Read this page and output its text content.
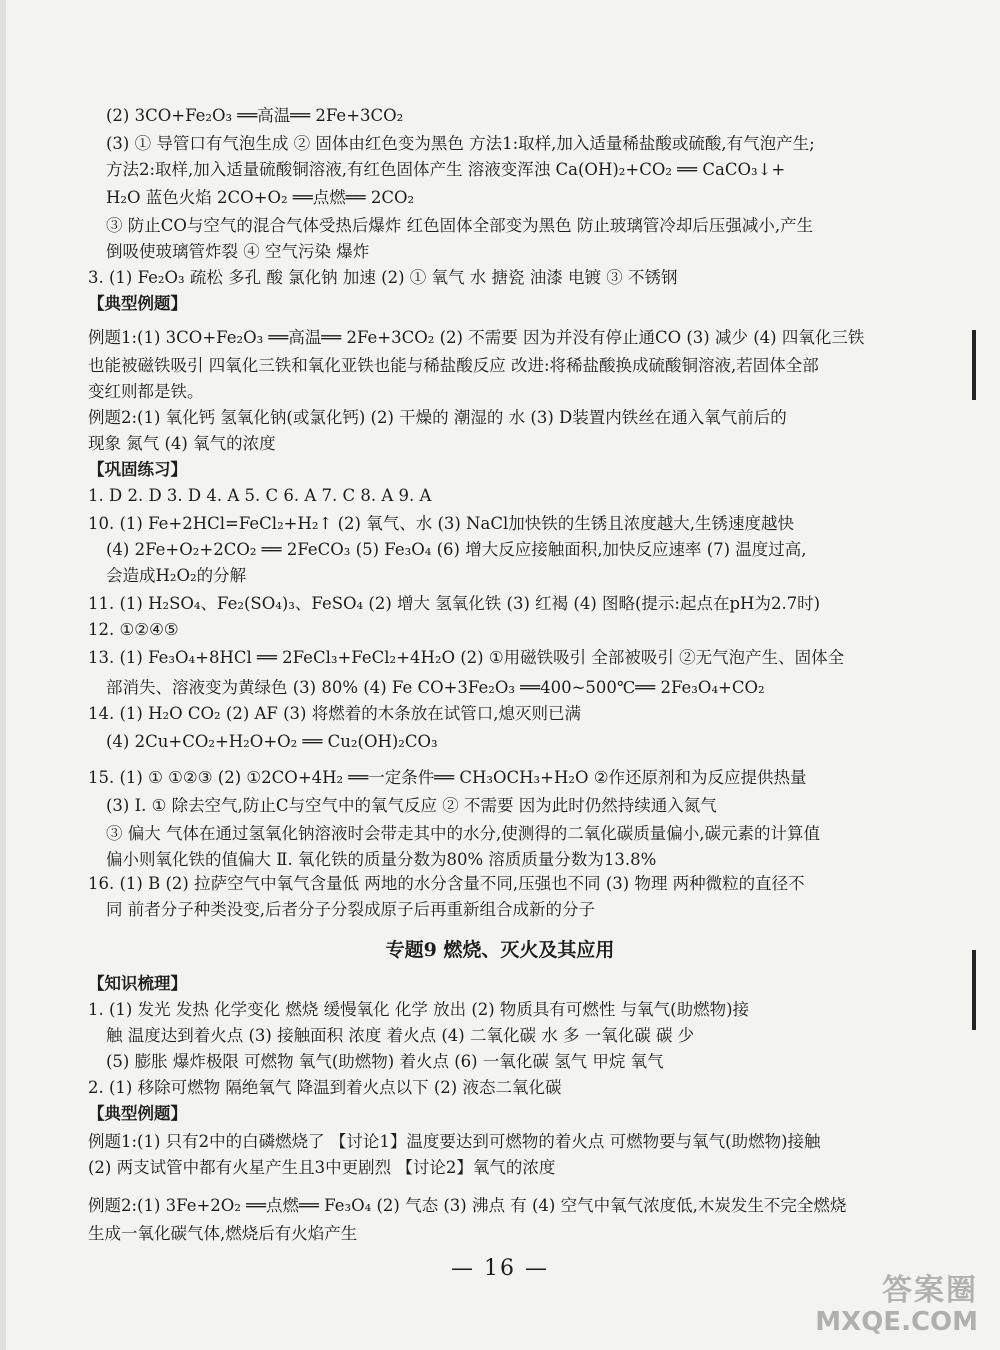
(2) 3CO+Fe₂O₃ ══高温══ 2Fe+3CO₂
(3) ① 导管口有气泡生成 ② 固体由红色变为黑色 方法1:取样,加入适量稀盐酸或硫酸,有气泡产生;
方法2:取样,加入适量硫酸铜溶液,有红色固体产生 溶液变浑浊 Ca(OH)₂+CO₂ ══ CaCO₃↓+
H₂O 蓝色火焰 2CO+O₂ ══点燃══ 2CO₂
③ 防止CO与空气的混合气体受热后爆炸 红色固体全部变为黑色 防止玻璃管冷却后压强减小,产生
倒吸使玻璃管炸裂 ④ 空气污染 爆炸
3. (1) Fe₂O₃ 疏松 多孔 酸 氯化钠 加速 (2) ① 氧气 水 搪瓷 油漆 电镀 ③ 不锈钢
【典型例题】
例题1:(1) 3CO+Fe₂O₃ ══高温══ 2Fe+3CO₂ (2) 不需要 因为并没有停止通CO (3) 减少 (4) 四氧化三铁
也能被磁铁吸引 四氧化三铁和氧化亚铁也能与稀盐酸反应 改进:将稀盐酸换成硫酸铜溶液,若固体全部
变红则都是铁。
例题2:(1) 氧化钙 氢氧化钠(或氯化钙) (2) 干燥的 潮湿的 水 (3) D装置内铁丝在通入氧气前后的
现象 氮气 (4) 氧气的浓度
【巩固练习】
1. D 2. D 3. D 4. A 5. C 6. A 7. C 8. A 9. A
10. (1) Fe+2HCl=FeCl₂+H₂↑ (2) 氧气、水 (3) NaCl加快铁的生锈且浓度越大,生锈速度越快
(4) 2Fe+O₂+2CO₂ ══ 2FeCO₃ (5) Fe₃O₄ (6) 增大反应接触面积,加快反应速率 (7) 温度过高,
会造成H₂O₂的分解
11. (1) H₂SO₄、Fe₂(SO₄)₃、FeSO₄ (2) 增大 氢氧化铁 (3) 红褐 (4) 图略(提示:起点在pH为2.7时)
12. ①②④⑤
13. (1) Fe₃O₄+8HCl ══ 2FeCl₃+FeCl₂+4H₂O (2) ①用磁铁吸引 全部被吸引 ②无气泡产生、固体全
部消失、溶液变为黄绿色 (3) 80% (4) Fe CO+3Fe₂O₃ ══400~500℃══ 2Fe₃O₄+CO₂
14. (1) H₂O CO₂ (2) AF (3) 将燃着的木条放在试管口,熄灭则已满
(4) 2Cu+CO₂+H₂O+O₂ ══ Cu₂(OH)₂CO₃
15. (1) ① ①②③ (2) ①2CO+4H₂ ══一定条件══ CH₃OCH₃+H₂O ②作还原剂和为反应提供热量
(3) Ⅰ. ① 除去空气,防止C与空气中的氧气反应 ② 不需要 因为此时仍然持续通入氮气
③ 偏大 气体在通过氢氧化钠溶液时会带走其中的水分,使测得的二氧化碳质量偏小,碳元素的计算值
偏小则氧化铁的值偏大 Ⅱ. 氧化铁的质量分数为80% 溶质质量分数为13.8%
16. (1) B (2) 拉萨空气中氧气含量低 两地的水分含量不同,压强也不同 (3) 物理 两种微粒的直径不
同 前者分子种类没变,后者分子分裂成原子后再重新组合成新的分子
专题9 燃烧、灭火及其应用
【知识梳理】
1. (1) 发光 发热 化学变化 燃烧 缓慢氧化 化学 放出 (2) 物质具有可燃性 与氧气(助燃物)接
触 温度达到着火点 (3) 接触面积 浓度 着火点 (4) 二氧化碳 水 多 一氧化碳 碳 少
(5) 膨胀 爆炸极限 可燃物 氧气(助燃物) 着火点 (6) 一氧化碳 氢气 甲烷 氧气
2. (1) 移除可燃物 隔绝氧气 降温到着火点以下 (2) 液态二氧化碳
【典型例题】
例题1:(1) 只有2中的白磷燃烧了 【讨论1】温度要达到可燃物的着火点 可燃物要与氧气(助燃物)接触
(2) 两支试管中都有火星产生且3中更剧烈 【讨论2】氧气的浓度
例题2:(1) 3Fe+2O₂ ══点燃══ Fe₃O₄ (2) 气态 (3) 沸点 有 (4) 空气中氧气浓度低,木炭发生不完全燃烧
生成一氧化碳气体,燃烧后有火焰产生
— 16 —
答案圈
MXQE.COM
